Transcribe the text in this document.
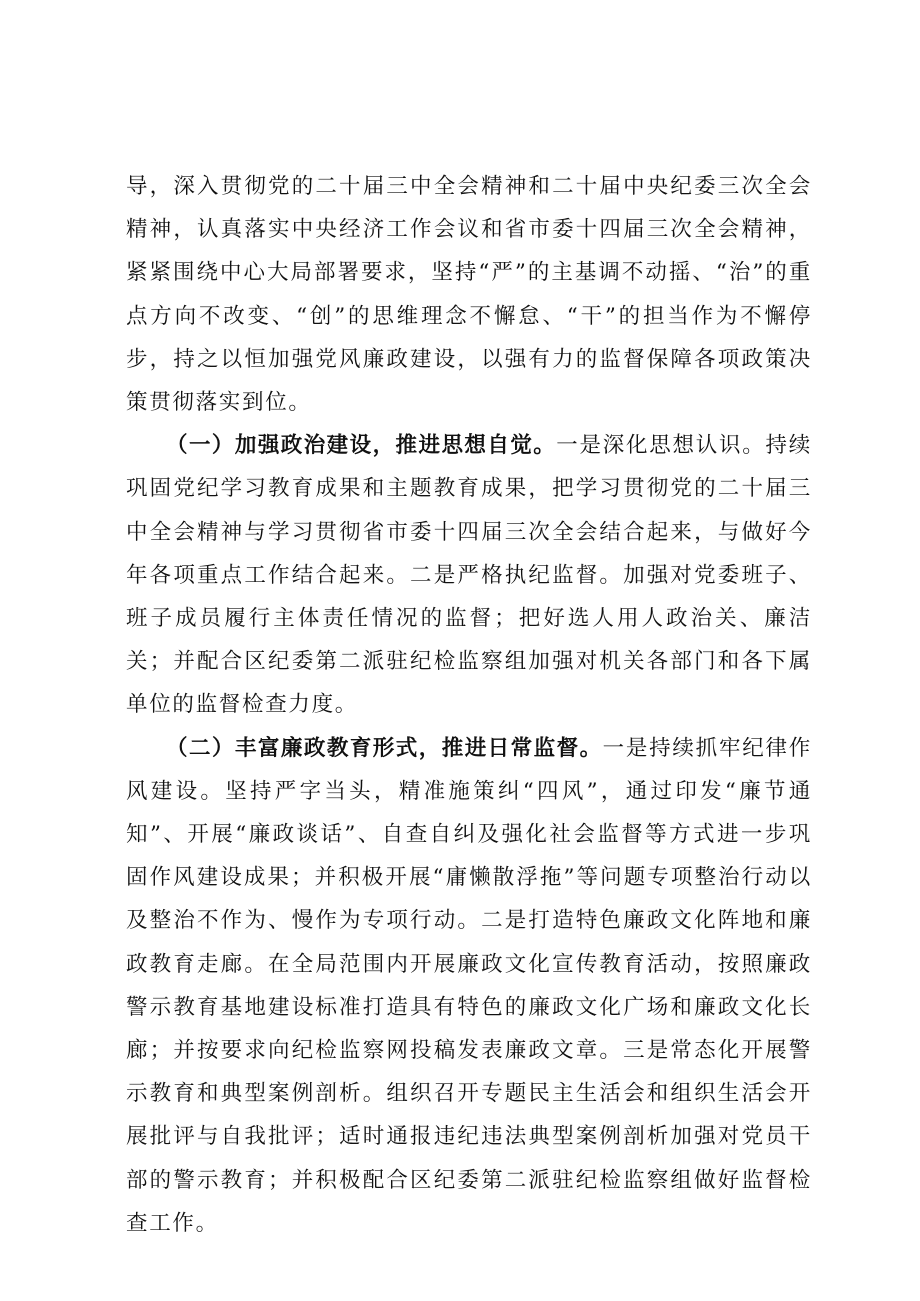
导，深入贯彻党的二十届三中全会精神和二十届中央纪委三次全会精神，认真落实中央经济工作会议和省市委十四届三次全会精神，紧紧围绕中心大局部署要求，坚持“严”的主基调不动摇、“治”的重点方向不改变、“创”的思维理念不懈怠、“干”的担当作为不懈停步，持之以恒加强党风廉政建设，以强有力的监督保障各项政策决策贯彻落实到位。

（一）加强政治建设，推进思想自觉。一是深化思想认识。持续巩固党纪学习教育成果和主题教育成果，把学习贯彻党的二十届三中全会精神与学习贯彻省市委十四届三次全会结合起来，与做好今年各项重点工作结合起来。二是严格执纪监督。加强对党委班子、班子成员履行主体责任情况的监督；把好选人用人政治关、廉洁关；并配合区纪委第二派驻纪检监察组加强对机关各部门和各下属单位的监督检查力度。

（二）丰富廉政教育形式，推进日常监督。一是持续抓牢纪律作风建设。坚持严字当头，精准施策纠“四风”，通过印发“廉节通知”、开展“廉政谈话”、自查自纠及强化社会监督等方式进一步巩固作风建设成果；并积极开展“庸懒散浮拖”等问题专项整治行动以及整治不作为、慢作为专项行动。二是打造特色廉政文化阵地和廉政教育走廊。在全局范围内开展廉政文化宣传教育活动，按照廉政警示教育基地建设标准打造具有特色的廉政文化广场和廉政文化长廊；并按要求向纪检监察网投稿发表廉政文章。三是常态化开展警示教育和典型案例剖析。组织召开专题民主生活会和组织生活会开展批评与自我批评；适时通报违纪违法典型案例剖析加强对党员干部的警示教育；并积极配合区纪委第二派驻纪检监察组做好监督检查工作。
